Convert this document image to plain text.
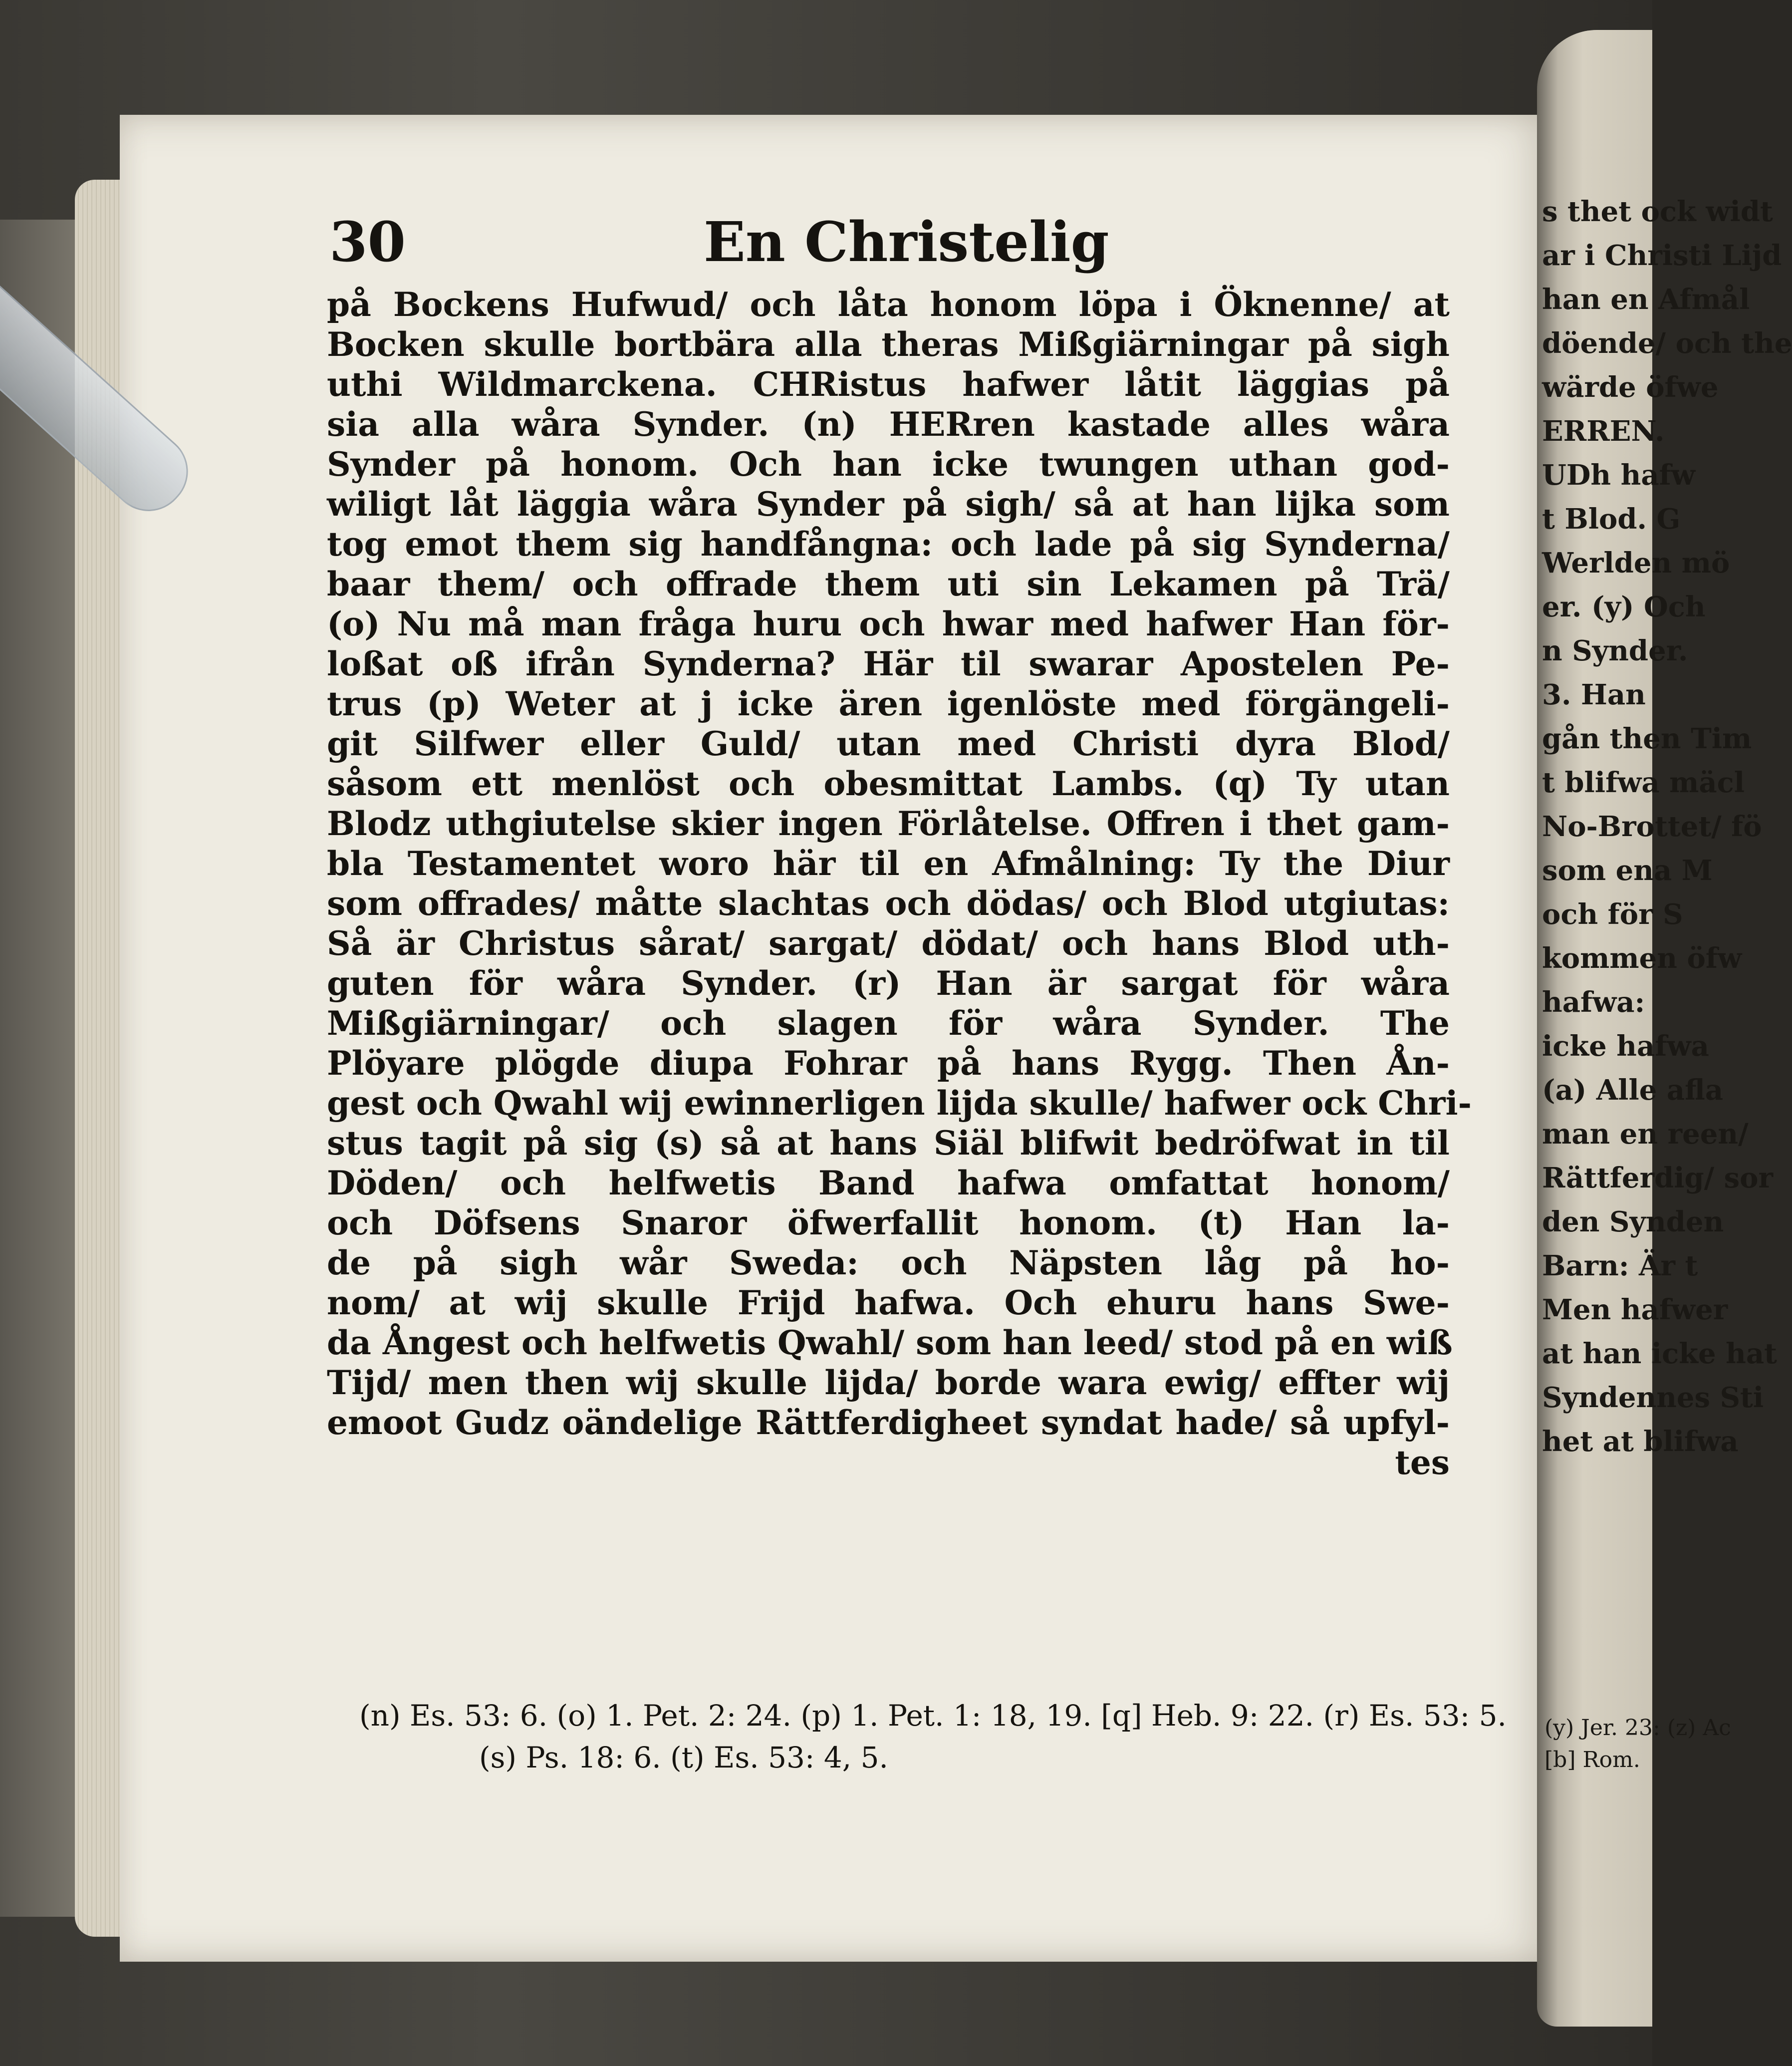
30	En Christelig
på Bockens Hufwud/ och låta honom löpa i Öknenne/ at
Bocken skulle bortbära alla theras Mißgiärningar på sigh
uthi Wildmarckena. CHRistus hafwer låtit läggias på
sia alla wåra Synder. (n) HERren kastade alles wåra
Synder på honom. Och han icke twungen uthan god-
wiligt låt läggia wåra Synder på sigh/ så at han lijka som
tog emot them sig handfångna: och lade på sig Synderna/
baar them/ och offrade them uti sin Lekamen på Trä/
(o) Nu må man fråga huru och hwar med hafwer Han för-
loßat oß ifrån Synderna? Här til swarar Apostelen Pe-
trus (p) Weter at j icke ären igenlöste med förgängeli-
git Silfwer eller Guld/ utan med Christi dyra Blod/
såsom ett menlöst och obesmittat Lambs. (q) Ty utan
Blodz uthgiutelse skier ingen Förlåtelse. Offren i thet gam-
bla Testamentet woro här til en Afmålning: Ty the Diur
som offrades/ måtte slachtas och dödas/ och Blod utgiutas:
Så är Christus sårat/ sargat/ dödat/ och hans Blod uth-
guten för wåra Synder. (r) Han är sargat för wåra
Mißgiärningar/ och slagen för wåra Synder. The
Plöyare plögde diupa Fohrar på hans Rygg. Then Ån-
gest och Qwahl wij ewinnerligen lijda skulle/ hafwer ock Chri-
stus tagit på sig (s) så at hans Siäl blifwit bedröfwat in til
Döden/ och helfwetis Band hafwa omfattat honom/
och Döfsens Snaror öfwerfallit honom. (t) Han la-
de på sigh wår Sweda: och Näpsten låg på ho-
nom/ at wij skulle Frijd hafwa. Och ehuru hans Swe-
da Ångest och helfwetis Qwahl/ som han leed/ stod på en wiß
Tijd/ men then wij skulle lijda/ borde wara ewig/ effter wij
emoot Gudz oändelige Rättferdigheet syndat hade/ så upfyl-
tes
(n) Es. 53: 6. (o) 1. Pet. 2: 24. (p) 1. Pet. 1: 18, 19. [q] Heb. 9: 22. (r) Es. 53: 5.
(s) Ps. 18: 6. (t) Es. 53: 4, 5.
s thet ock widt
ar i Christi Lijd
han en Afmål
döende/ och the
wärde öfwe
ERREN.
UDh hafw
t Blod. G
Werlden mö
er. (y) Och
n Synder.
3. Han
gån then Tim
t blifwa mäcl
No-Brottet/ fö
som ena M
och för S
kommen öfw
hafwa:
icke hafwa
(a) Alle afla
man en reen/
Rättferdig/ sor
den Synden
Barn: Är t
Men hafwer
at han icke hat
Syndennes Sti
het at blifwa
(y) Jer. 23: (z) Ac
[b] Rom.
